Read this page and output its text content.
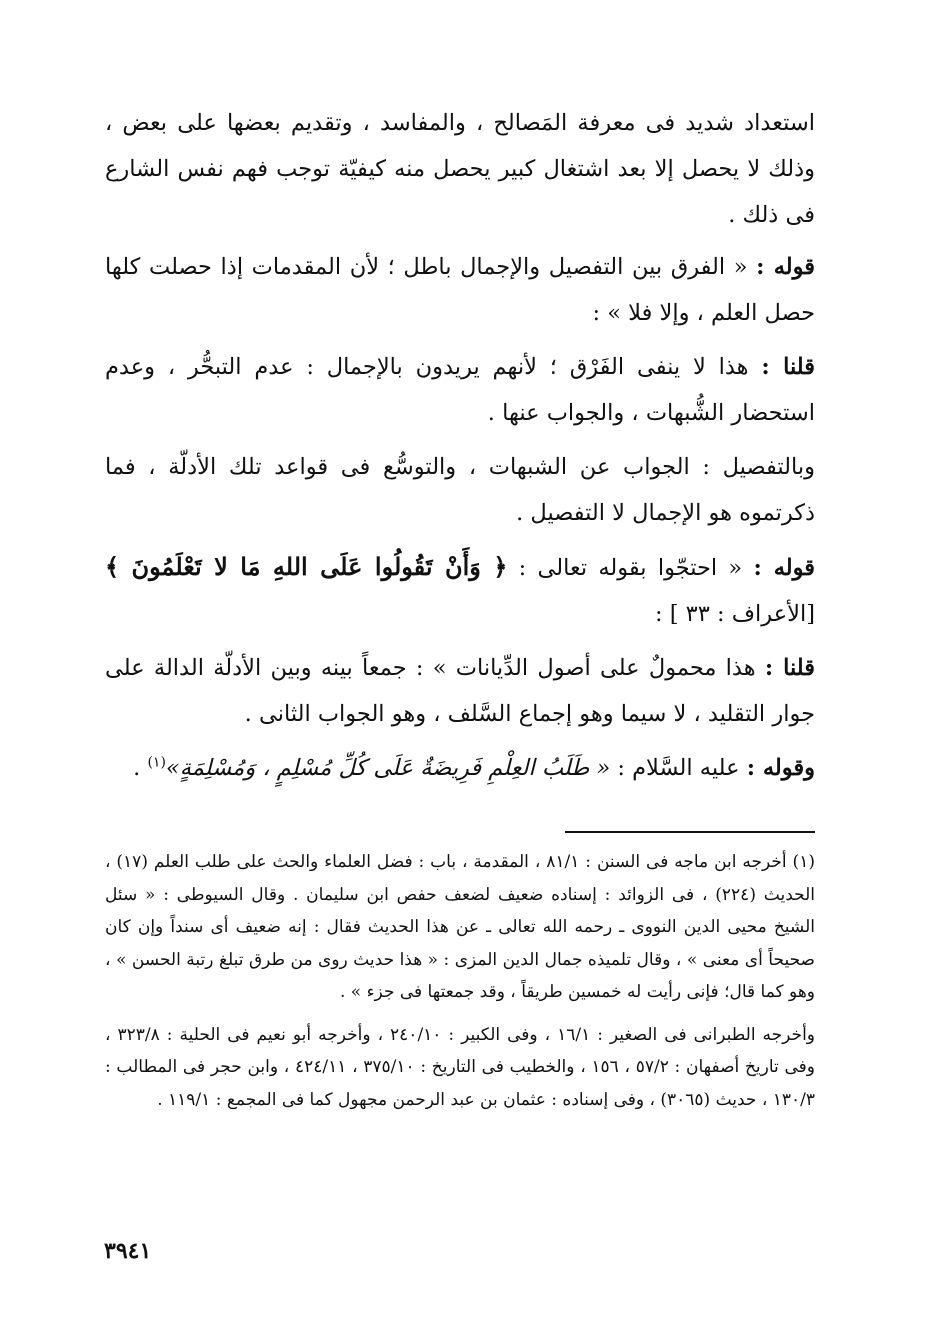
استعداد شديد فى معرفة المَصالح ، والمفاسد ، وتقديم بعضها على بعض ، وذلك لا يحصل إلا بعد اشتغال كبير يحصل منه كيفيّة توجب فهم نفس الشارع فى ذلك .

قوله : « الفرق بين التفصيل والإجمال باطل ؛ لأن المقدمات إذا حصلت كلها حصل العلم ، وإلا فلا » :

قلنا : هذا لا ينفى الفَرْق ؛ لأنهم يريدون بالإجمال : عدم التبحُّر ، وعدم استحضار الشُّبهات ، والجواب عنها .

وبالتفصيل : الجواب عن الشبهات ، والتوسُّع فى قواعد تلك الأدلّة ، فما ذكرتموه هو الإجمال لا التفصيل .

قوله : « احتجّوا بقوله تعالى : ﴿ وَأَنْ تَقُولُوا عَلَى اللهِ مَا لا تَعْلَمُونَ ﴾ [الأعراف : ٣٣ ] :

قلنا : هذا محمولٌ على أصول الدِّيانات » : جمعاً بينه وبين الأدلّة الدالة على جوار التقليد ، لا سيما وهو إجماع السَّلف ، وهو الجواب الثانى .

وقوله : عليه السَّلام : « طَلَبُ العِلْمِ فَرِيضَةٌ عَلَى كُلِّ مُسْلِمٍ ، وَمُسْلِمَةٍ»$^{(١)}$ .

(١) أخرجه ابن ماجه فى السنن : ٨١/١ ، المقدمة ، باب : فضل العلماء والحث على طلب العلم (١٧) ، الحديث (٢٢٤) ، فى الزوائد : إسناده ضعيف لضعف حفص ابن سليمان . وقال السيوطى : « سئل الشيخ محيى الدين النووى ـ رحمه الله تعالى ـ عن هذا الحديث فقال : إنه ضعيف أى سنداً وإن كان صحيحاً أى معنى » ، وقال تلميذه جمال الدين المزى : « هذا حديث روى من طرق تبلغ رتبة الحسن » ، وهو كما قال؛ فإنى رأيت له خمسين طريقاً ، وقد جمعتها فى جزء » .

وأخرجه الطبرانى فى الصغير : ١٦/١ ، وفى الكبير : ٢٤٠/١٠ ، وأخرجه أبو نعيم فى الحلية : ٣٢٣/٨ ، وفى تاريخ أصفهان : ٥٧/٢ ، ١٥٦ ، والخطيب فى التاريخ : ٣٧٥/١٠ ، ٤٢٤/١١ ، وابن حجر فى المطالب : ١٣٠/٣ ، حديث (٣٠٦٥) ، وفى إسناده : عثمان بن عبد الرحمن مجهول كما فى المجمع : ١١٩/١ .

٣٩٤١
